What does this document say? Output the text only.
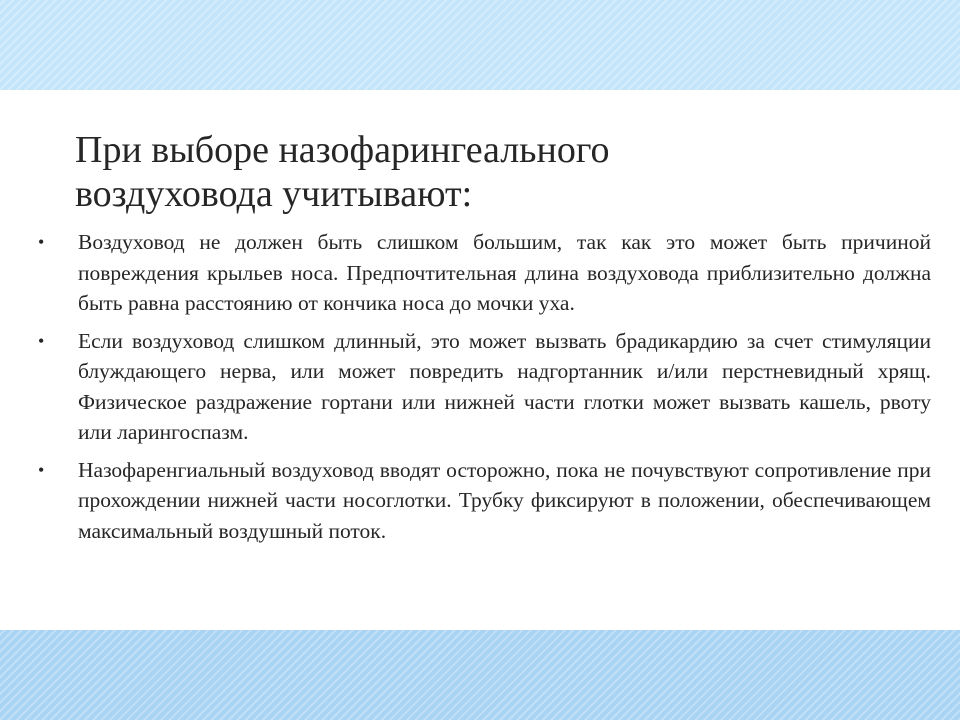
При выборе назофарингеального
воздуховода учитывают:
• Воздуховод не должен быть слишком большим, так как это может быть причиной повреждения крыльев носа. Предпочтительная длина воздуховода приблизительно должна быть равна расстоянию от кончика носа до мочки уха.
• Если воздуховод слишком длинный, это может вызвать брадикардию за счет стимуляции блуждающего нерва, или может повредить надгортанник и/или перстневидный хрящ. Физическое раздражение гортани или нижней части глотки может вызвать кашель, рвоту или ларингоспазм.
• Назофаренгиальный воздуховод вводят осторожно, пока не почувствуют сопротивление при прохождении нижней части носоглотки. Трубку фиксируют в положении, обеспечивающем максимальный воздушный поток.
